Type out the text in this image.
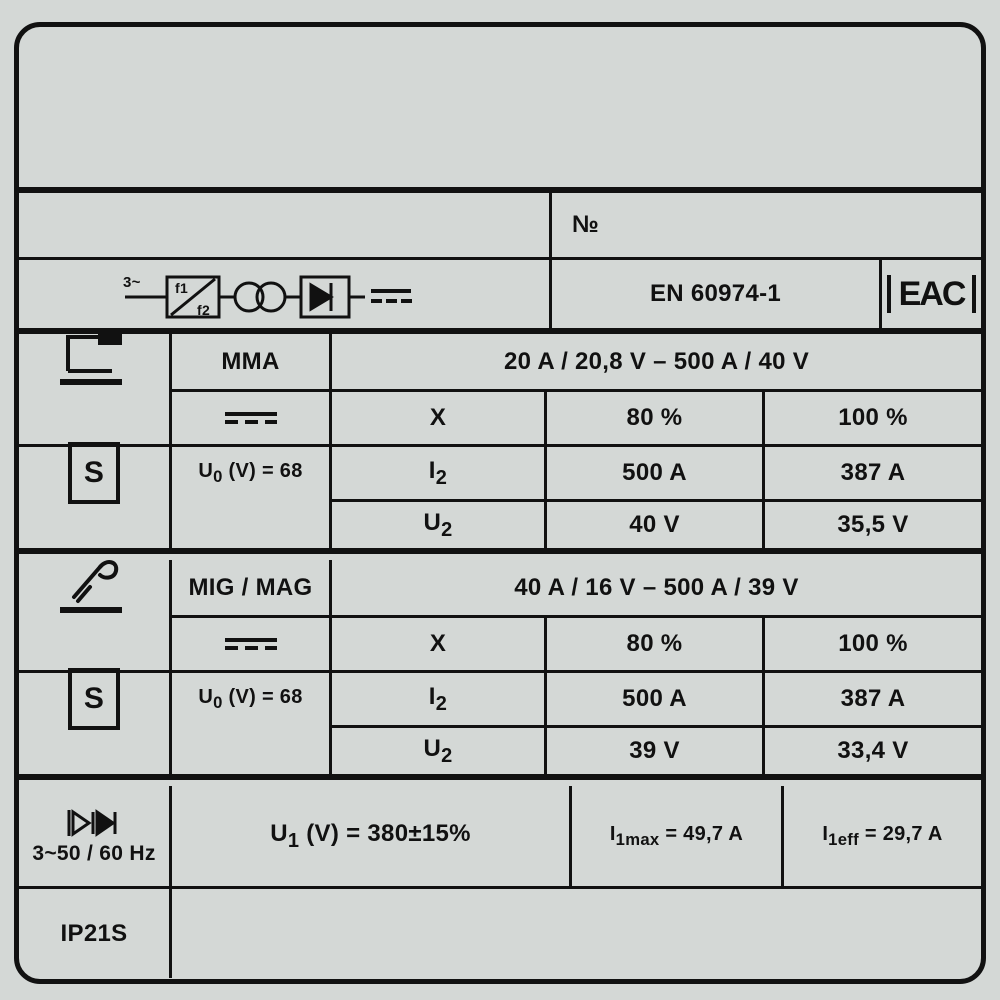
№
3~ f1
f2
EN 60974-1	EAC
MMA	20 A / 20,8 V – 500 A / 40 V
X	80 %	100 %
S	$U_0$ (V) = 68	$I_2$	500 A	387 A
$U_2$	40 V	35,5 V
MIG / MAG	40 A / 16 V – 500 A / 39 V
X	80 %	100 %
S	$U_0$ (V) = 68	$I_2$	500 A	387 A
$U_2$	39 V	33,4 V
3~50 / 60 Hz
$U_1$ (V) = 380±15%	$I_{1max} = 49,7$ A	$I_{1eff} = 29,7$ A
IP21S
